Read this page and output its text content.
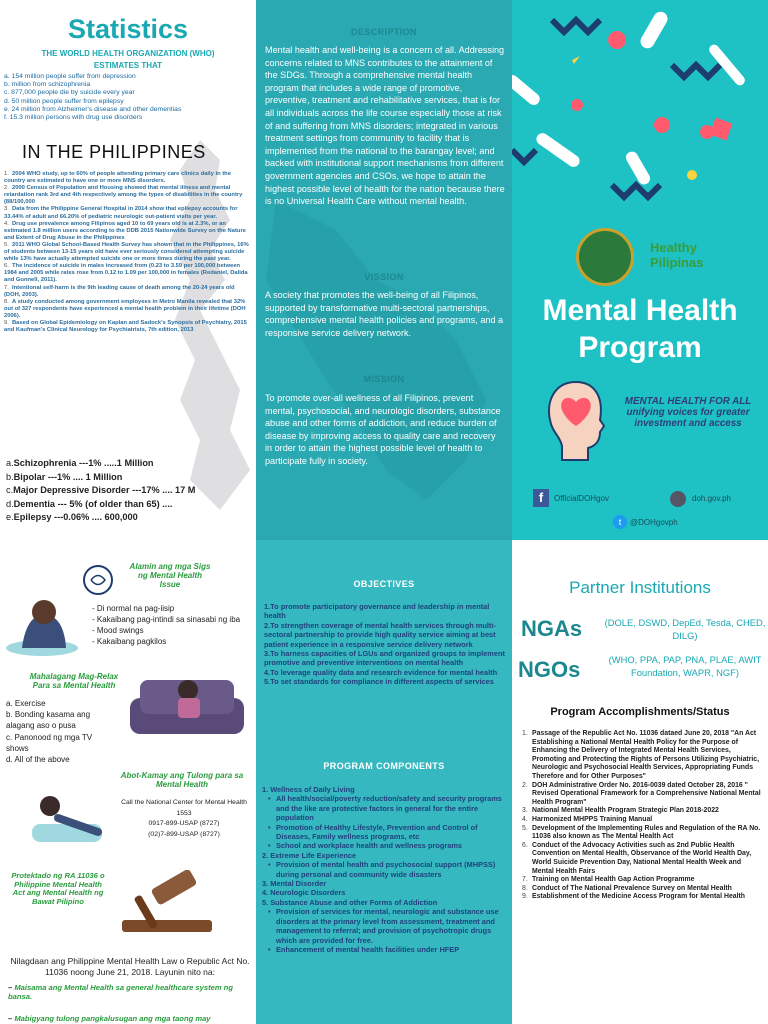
Statistics
THE WORLD HEALTH ORGANIZATION (WHO) ESTIMATES THAT
a. 154 million people suffer from depression
b. million from schizophrenia
c. 877,000 people die by suicide every year
d. 50 million people suffer from epilepsy
e. 24 million from Alzheimer's disease and other dementias
f. 15.3 million persons with drug use disorders
IN THE PHILIPPINES
1. 2004 WHO study, up to 60% of people attending primary care clinics daily in the country are estimated to have one or more MNS disorders.
2. 2000 Census of Population and Housing showed that mental illness and mental retardation rank 3rd and 4th respectively among the types of disabilities in the country (88/100,000
3. Data from the Philippine General Hospital in 2014 show that epilepsy accounts for 33.44% of adult and 66.20% of pediatric neurologic out-patient visits per year.
4. Drug use prevalence among Filipinos aged 10 to 69 years old is at 2.3%, or an estimated 1.8 million users according to the DDB 2015 Nationwide Survey on the Nature and Extent of Drug Abuse in the Philippines
5. 2011 WHO Global School-Based Health Survey has shown that in the Philippines, 16% of students between 13-15 years old have ever seriously considered attempting suicide while 13% have actually attempted suicide one or more times during the past year.
6. The incidence of suicide in males increased from (0.23 to 3.59 per 100,000 between 1984 and 2005 while rates rose from 0.12 to 1.09 per 100,000 in females (Redaniel, Dalida and Gunnell, 2011).
7. Intentional self-harm is the 9th leading cause of death among the 20-24 years old (DOH, 2003).
8. A study conducted among government employees in Metro Manila revealed that 32% out of 327 respondents have experienced a mental health problem in their lifetime (DOH 2006).
9. Based on Global Epidemiology on Kaplan and Sadock's Synopsis of Psychiatry, 2015 and Kaufman's Clinical Neurology for Psychiatrists, 7th edition, 2013
a.Schizophrenia ---1% .....1 Million
b.Bipolar ---1% .... 1 Million
c.Major Depressive Disorder ---17% .... 17 M
d.Dementia --- 5% (of older than 65) ....
e.Epilepsy ---0.06% .... 600,000
DESCRIPTION
Mental health and well-being is a concern of all. Addressing concerns related to MNS contributes to the attainment of the SDGs. Through a comprehensive mental health program that includes a wide range of promotive, preventive, treatment and rehabilitative services, that is for all individuals across the life course especially those at risk of and suffering from MNS disorders; integrated in various treatment settings from community to facility that is implemented from the national to the barangay level; and backed with institutional support mechanisms from different government agencies and CSOs, we hope to attain the highest possible level of health for the nation because there is no Universal Health Care without mental health.
VISSION
A society that promotes the well-being of all Filipinos, supported by transformative multi-sectoral partnerships, comprehensive mental health policies and programs, and a responsive service delivery network.
MISSION
To promote over-all wellness of all Filipinos, prevent mental, psychosocial, and neurologic disorders, substance abuse and other forms of addiction, and reduce burden of disease by improving access to quality care and recovery in order to attain the highest possible level of health to participate fully in society.
Healthy
Pilipinas
Mental Health
Program
MENTAL HEALTH FOR ALL unifying voices for greater investment and access
f	OfficialDOHgov	doh.gov.ph
t	@DOHgovph
Alamin ang mga Sigs ng Mental Health Issue
- Di normal na pag-iisip
- Kakaibang pag-intindi sa sinasabi ng iba
- Mood swings
- Kakaibang pagkilos
Mahalagang Mag-Relax Para sa Mental Health
a. Exercise
b. Bonding kasama ang
alagang aso o pusa
c. Panonood ng mga TV
shows
d. All of the above
Abot-Kamay ang Tulong para sa Mental Health
Call the National Center for Mental Health
1553
0917-899-USAP (8727)
(02)7-899-USAP (8727)
Protektado ng RA 11036 o Philippine Mental Health Act ang Mental Health ng Bawat Pilipino
Nilagdaan ang Philippine Mental Health Law o Republic Act No. 11036 noong June 21, 2018. Layunin nito na:
– Maisama ang Mental Health sa general healthcare system ng bansa.
– Mabigyang tulong pangkalusugan ang mga taong may
OBJECTIVES
1.To promote participatory governance and leadership in mental health
2.To strengthen coverage of mental health services through multi-sectoral partnership to provide high quality service aiming at best patient experience in a responsive service delivery network
3.To harness capacities of LGUs and organized groups to implement promotive and preventive interventions on mental health
4.To leverage quality data and research evidence for mental health
5.To set standards for compliance in different aspects of services
PROGRAM COMPONENTS
1. Wellness of Daily Living
• All health/social/poverty reduction/safety and security programs and the like are protective factors in general for the entire population
• Promotion of Healthy Lifestyle, Prevention and Control of Diseases, Family wellness programs, etc
• School and workplace health and wellness programs
2. Extreme Life Experience
• Provision of mental health and psychosocial support (MHPSS) during personal and community wide disasters
3. Mental Disorder
4. Neurologic Disorders
5. Substance Abuse and other Forms of Addiction
• Provision of services for mental, neurologic and substance use disorders at the primary level from assessment, treatment and management to referral; and provision of psychotropic drugs which are provided for free.
• Enhancement of mental health facilities under HFEP
Partner Institutions
NGAs (DOLE, DSWD, DepEd, Tesda, CHED, DILG)
NGOs	(WHO, PPA, PAP, PNA, PLAE, AWIT Foundation, WAPR, NGF)
Program Accomplishments/Status
1. Passage of the Republic Act No. 11036 dataed June 20, 2018 "An Act Establishing a National Mental Health Policy for the Purpose of Enhancing the Delivery of Integrated Mental Health Services, Promoting and Protecting the Rights of Persons Utilizing Psychiatric, Neurologic and Psychosocial Health Services, Appropriating Funds Therefore and for Other Purposes"
2. DOH Administrative Order No. 2016-0039 dated October 28, 2016 " Revised Operational Framework for a Comprehensive National Mental Health Program"
3. National Mental Health Program Strategic Plan 2018-2022
4. Harmonized MHPPS Training Manual
5. Development of the Implementing Rules and Regulation of the RA No. 11036 also known as The Mental Health Act
6. Conduct of the Advocacy Activities such as 2nd Public Health Convention on Mental Health, Observance of the World Health Day, World Suicide Prevention Day, National Mental Health Week and Mental Health Fairs
7. Training on Mental Health Gap Action Programme
8. Conduct of The National Prevalence Survey on Mental Health
9. Establishment of the Medicine Access Program for Mental Health
